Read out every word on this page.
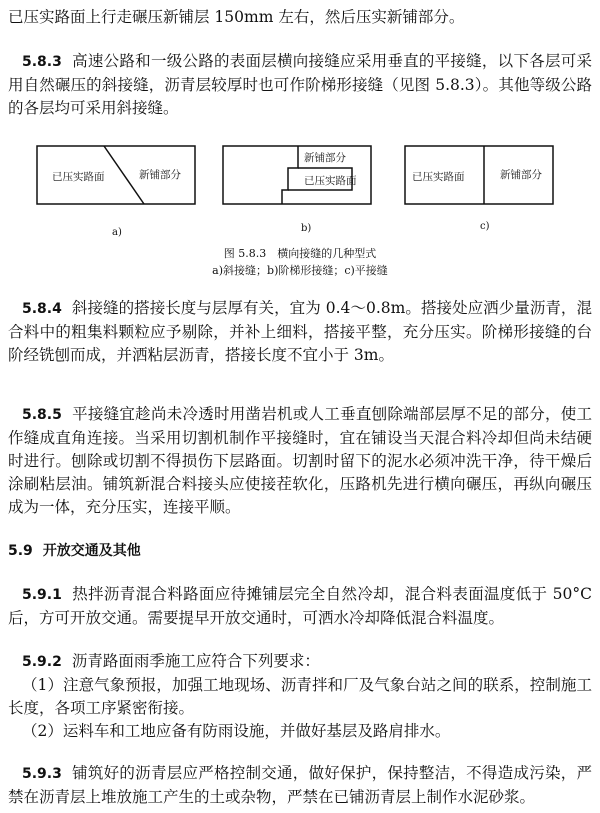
已压实路面上行走碾压新铺层 150mm 左右，然后压实新铺部分。

5.8.3 高速公路和一级公路的表面层横向接缝应采用垂直的平接缝，以下各层可采用自然碾压的斜接缝，沥青层较厚时也可作阶梯形接缝（见图 5.8.3）。其他等级公路的各层均可采用斜接缝。

已压实路面	新铺部分
a)
新铺部分
已压实路面
b)
已压实路面	新铺部分
c)
图 5.8.3　横向接缝的几种型式
a)斜接缝；b)阶梯形接缝；c)平接缝

5.8.4 斜接缝的搭接长度与层厚有关，宜为 0.4～0.8m。搭接处应洒少量沥青，混合料中的粗集料颗粒应予剔除，并补上细料，搭接平整，充分压实。阶梯形接缝的台阶经铣刨而成，并洒粘层沥青，搭接长度不宜小于 3m。

5.8.5 平接缝宜趁尚未冷透时用凿岩机或人工垂直刨除端部层厚不足的部分，使工作缝成直角连接。当采用切割机制作平接缝时，宜在铺设当天混合料冷却但尚未结硬时进行。刨除或切割不得损伤下层路面。切割时留下的泥水必须冲洗干净，待干燥后涂刷粘层油。铺筑新混合料接头应使接茬软化，压路机先进行横向碾压，再纵向碾压成为一体，充分压实，连接平顺。

5.9 开放交通及其他

5.9.1 热拌沥青混合料路面应待摊铺层完全自然冷却，混合料表面温度低于 50°C 后，方可开放交通。需要提早开放交通时，可洒水冷却降低混合料温度。

5.9.2 沥青路面雨季施工应符合下列要求：

（1）注意气象预报，加强工地现场、沥青拌和厂及气象台站之间的联系，控制施工长度，各项工序紧密衔接。

（2）运料车和工地应备有防雨设施，并做好基层及路肩排水。

5.9.3 铺筑好的沥青层应严格控制交通，做好保护，保持整洁，不得造成污染，严禁在沥青层上堆放施工产生的土或杂物，严禁在已铺沥青层上制作水泥砂浆。
